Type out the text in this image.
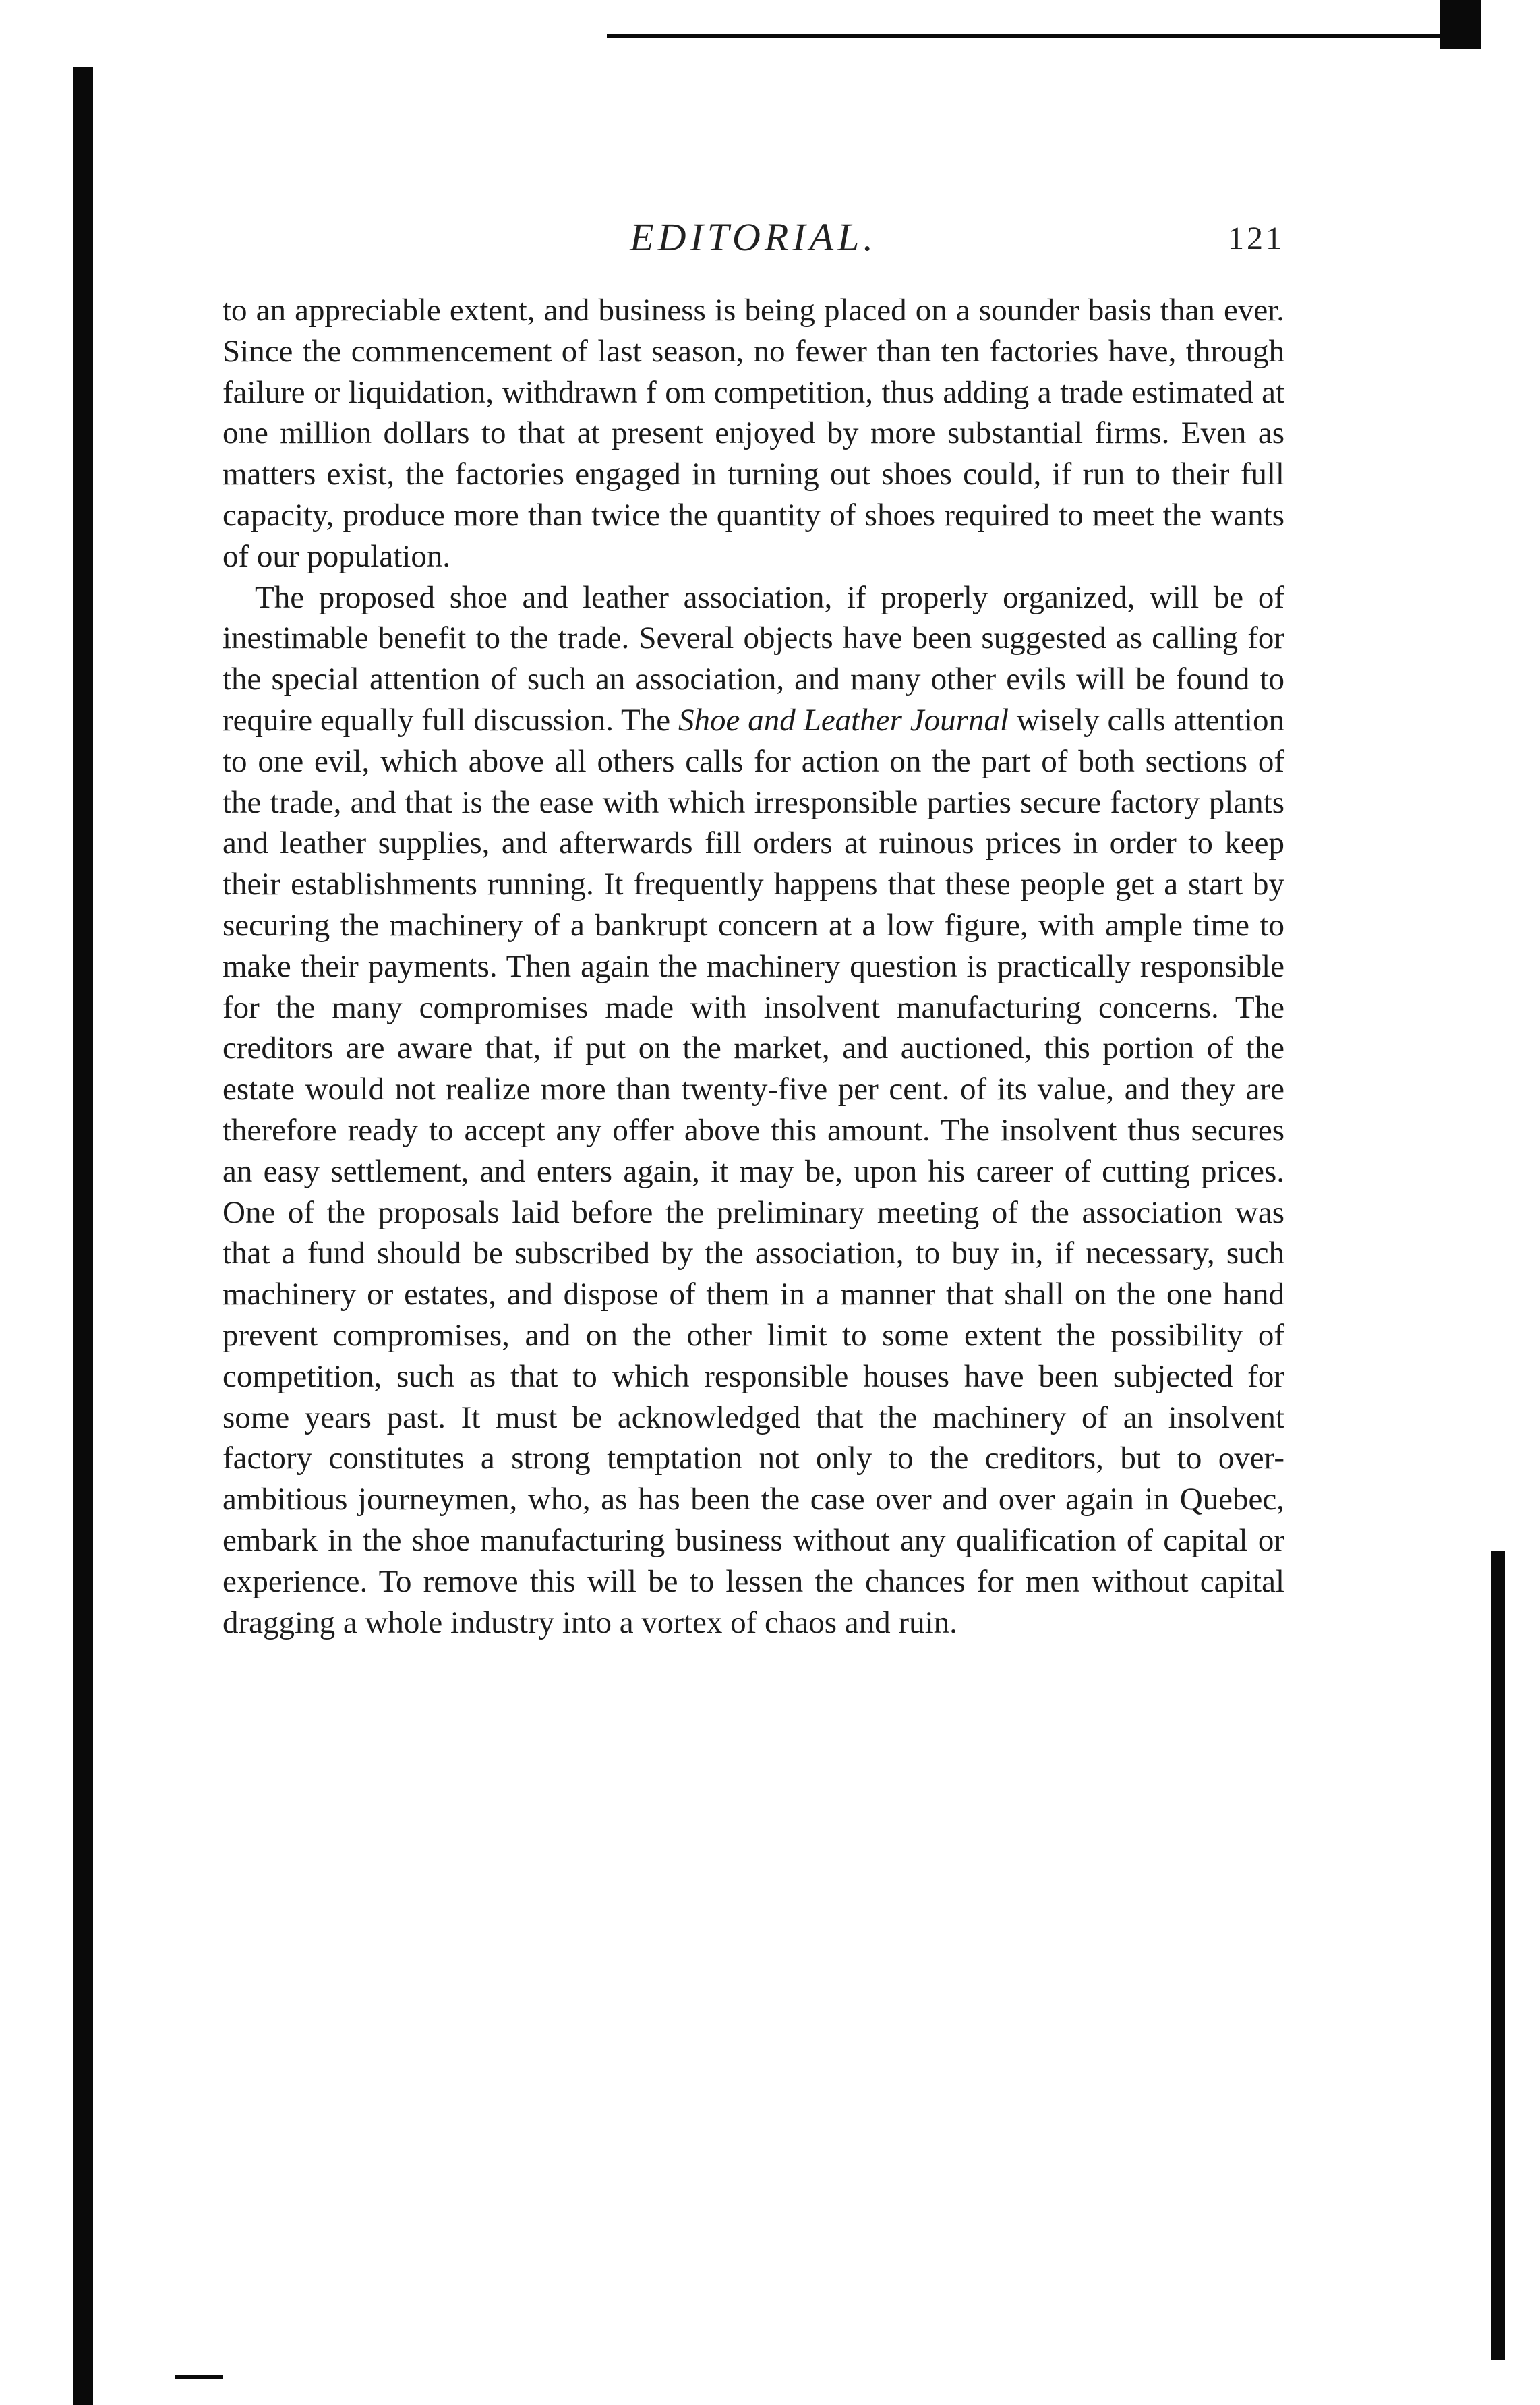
EDITORIAL.	121

to an appreciable extent, and business is being placed on a sounder basis than ever. Since the commencement of last season, no fewer than ten factories have, through failure or liquidation, withdrawn f om competition, thus adding a trade estimated at one million dollars to that at present enjoyed by more substantial firms. Even as matters exist, the factories engaged in turning out shoes could, if run to their full capacity, produce more than twice the quantity of shoes required to meet the wants of our population.

The proposed shoe and leather association, if properly organized, will be of inestimable benefit to the trade. Several objects have been suggested as calling for the special attention of such an association, and many other evils will be found to require equally full discussion. The Shoe and Leather Journal wisely calls attention to one evil, which above all others calls for action on the part of both sections of the trade, and that is the ease with which irresponsible parties secure factory plants and leather supplies, and afterwards fill orders at ruinous prices in order to keep their establishments running. It frequently happens that these people get a start by securing the machinery of a bankrupt concern at a low figure, with ample time to make their payments. Then again the machinery question is practically responsible for the many compromises made with insolvent manufacturing concerns. The creditors are aware that, if put on the market, and auctioned, this portion of the estate would not realize more than twenty-five per cent. of its value, and they are therefore ready to accept any offer above this amount. The insolvent thus secures an easy settlement, and enters again, it may be, upon his career of cutting prices. One of the proposals laid before the preliminary meeting of the association was that a fund should be subscribed by the association, to buy in, if necessary, such machinery or estates, and dispose of them in a manner that shall on the one hand prevent compromises, and on the other limit to some extent the possibility of competition, such as that to which responsible houses have been subjected for some years past. It must be acknowledged that the machinery of an insolvent factory constitutes a strong temptation not only to the creditors, but to over-ambitious journeymen, who, as has been the case over and over again in Quebec, embark in the shoe manufacturing business without any qualification of capital or experience. To remove this will be to lessen the chances for men without capital dragging a whole industry into a vortex of chaos and ruin.
